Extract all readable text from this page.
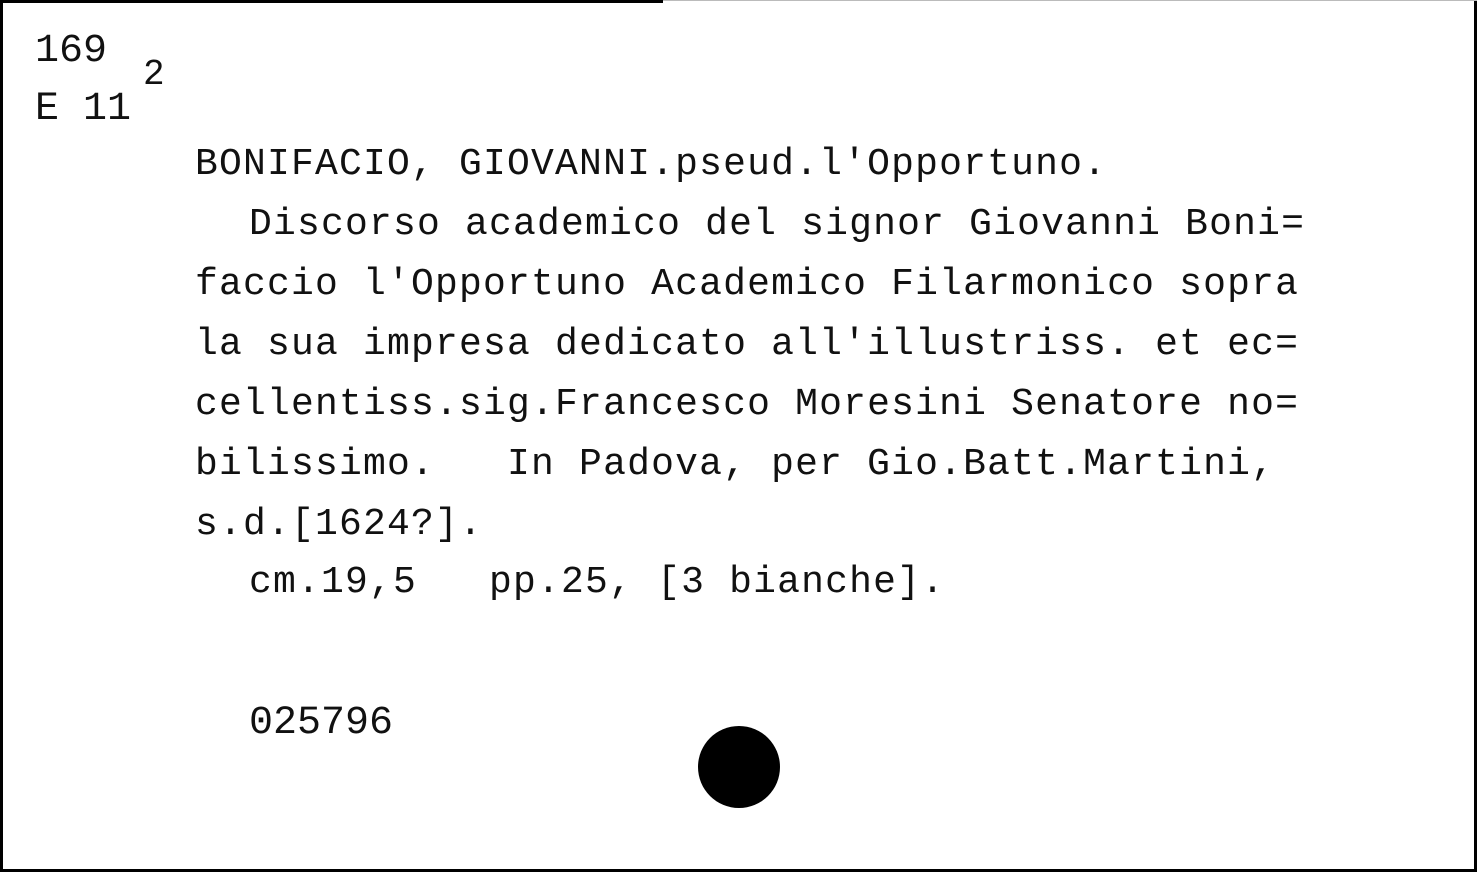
169
E 11
2
BONIFACIO, GIOVANNI.pseud.l'Opportuno.
Discorso academico del signor Giovanni Boni=
faccio l'Opportuno Academico Filarmonico sopra
la sua impresa dedicato all'illustriss. et ec=
cellentiss.sig.Francesco Moresini Senatore no=
bilissimo.   In Padova, per Gio.Batt.Martini,
s.d.[1624?].
cm.19,5   pp.25, [3 bianche].
025796
